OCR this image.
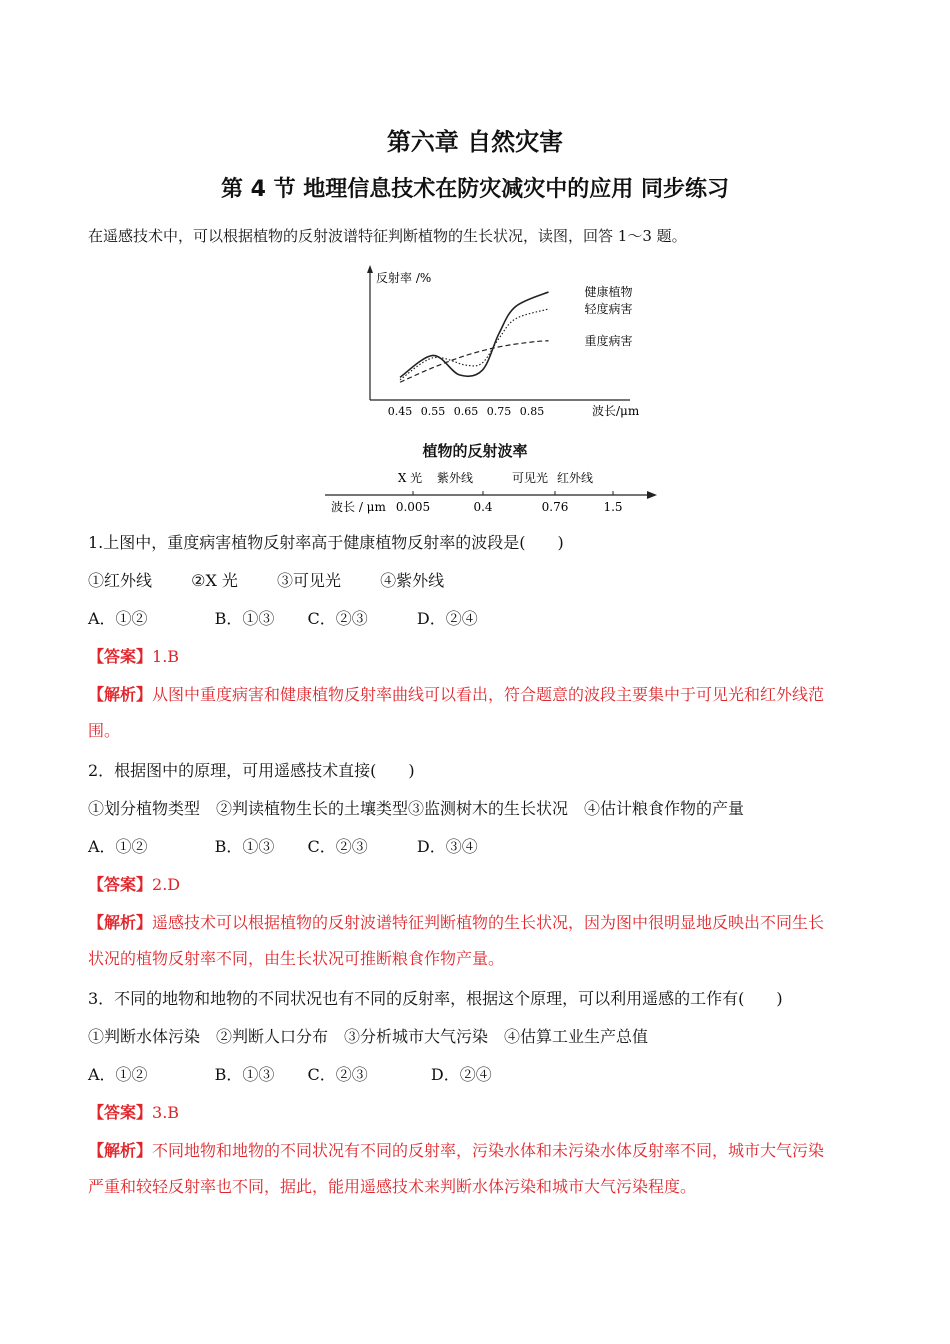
第六章 自然灾害
第 4 节 地理信息技术在防灾减灾中的应用 同步练习
在遥感技术中，可以根据植物的反射波谱特征判断植物的生长状况，读图，回答 1～3 题。
反射率 /%
波长/μm
0.45 0.55 0.65 0.75 0.85
健康植物
轻度病害
重度病害
植物的反射波率
波长 / μm
X 光 紫外线	可见光 红外线
0.005	0.4	0.76	1.5
1.上图中，重度病害植物反射率高于健康植物反射率的波段是(　　)
①红外线 ②X 光 ③可见光 ④紫外线
A．①②	B．①③ C．②③	D．②④
【答案】1.B
【解析】从图中重度病害和健康植物反射率曲线可以看出，符合题意的波段主要集中于可见光和红外线范
围。
2．根据图中的原理，可用遥感技术直接(　　)
①划分植物类型　②判读植物生长的土壤类型③监测树木的生长状况　④估计粮食作物的产量
A．①②	B．①③ C．②③	D．③④
【答案】2.D
【解析】遥感技术可以根据植物的反射波谱特征判断植物的生长状况，因为图中很明显地反映出不同生长
状况的植物反射率不同，由生长状况可推断粮食作物产量。
3．不同的地物和地物的不同状况也有不同的反射率，根据这个原理，可以利用遥感的工作有(　　)
①判断水体污染　②判断人口分布　③分析城市大气污染　④估算工业生产总值
A．①②	B．①③ C．②③	D．②④
【答案】3.B
【解析】不同地物和地物的不同状况有不同的反射率，污染水体和未污染水体反射率不同，城市大气污染
严重和较轻反射率也不同，据此，能用遥感技术来判断水体污染和城市大气污染程度。
